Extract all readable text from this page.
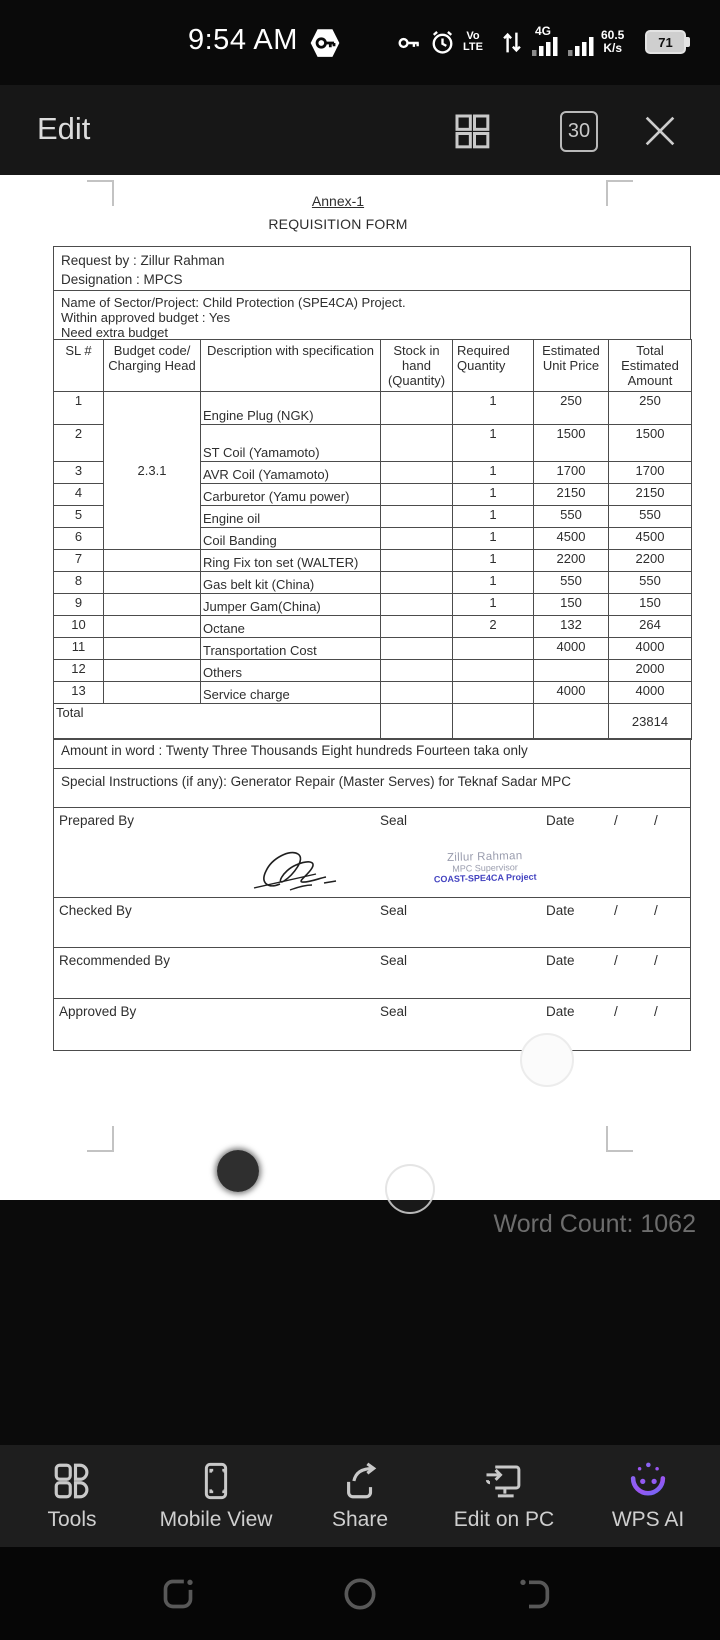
9:54 AM	Vo
LTE
4G	60.5
K/s	71
Edit	30
Annex-1
REQUISITION FORM
Request by : Zillur Rahman
Designation : MPCS
Name of Sector/Project: Child Protection (SPE4CA) Project.
Within approved budget : Yes
Need extra budget
SL #	Budget code/ Charging Head	Description with specification	Stock in hand (Quantity)	Required Quantity	Estimated Unit Price	Total Estimated Amount
1	2.3.1	Engine Plug (NGK)		1	250	250
2		ST Coil (Yamamoto)		1	1500	1500
3		AVR Coil (Yamamoto)		1	1700	1700
4		Carburetor (Yamu power)		1	2150	2150
5		Engine oil		1	550	550
6		Coil Banding		1	4500	4500
7		Ring Fix ton set (WALTER)		1	2200	2200
8		Gas belt kit (China)		1	550	550
9		Jumper Gam(China)		1	150	150
10		Octane		2	132	264
11		Transportation Cost			4000	4000
12		Others				2000
13		Service charge			4000	4000
Total						23814
Amount in word : Twenty Three Thousands Eight hundreds Fourteen taka only
Special Instructions (if any): Generator Repair (Master Serves) for Teknaf Sadar MPC
Prepared By	Seal	Date	/	/
Checked By	Seal	Date	/	/
Recommended By	Seal	Date	/	/
Approved By	Seal	Date	/	/
Zillur Rahman
MPC Supervisor
COAST-SPE4CA Project
Word Count: 1062
Tools	Mobile View	Share	Edit on PC	WPS AI
